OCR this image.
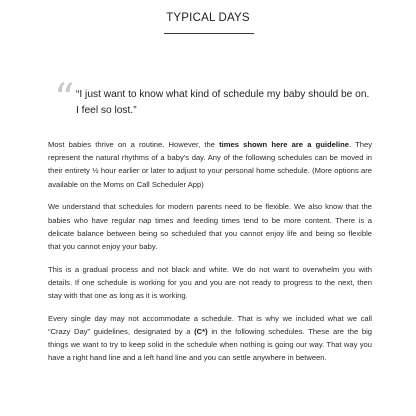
TYPICAL DAYS
“ “I just want to know what kind of schedule my baby should be on.
I feel so lost.”

Most babies thrive on a routine. However, the times shown here are a guideline. They represent the natural rhythms of a baby’s day. Any of the following schedules can be moved in their entirety ½ hour earlier or later to adjust to your personal home schedule. (More options are available on the Moms on Call Scheduler App)

We understand that schedules for modern parents need to be flexible. We also know that the babies who have regular nap times and feeding times tend to be more content. There is a delicate balance between being so scheduled that you cannot enjoy life and being so flexible that you cannot enjoy your baby.

This is a gradual process and not black and white. We do not want to overwhelm you with details. If one schedule is working for you and you are not ready to progress to the next, then stay with that one as long as it is working.

Every single day may not accommodate a schedule. That is why we included what we call “Crazy Day” guidelines, designated by a (C*) in the following schedules. These are the big things we want to try to keep solid in the schedule when nothing is going our way. That way you have a right hand line and a left hand line and you can settle anywhere in between.
